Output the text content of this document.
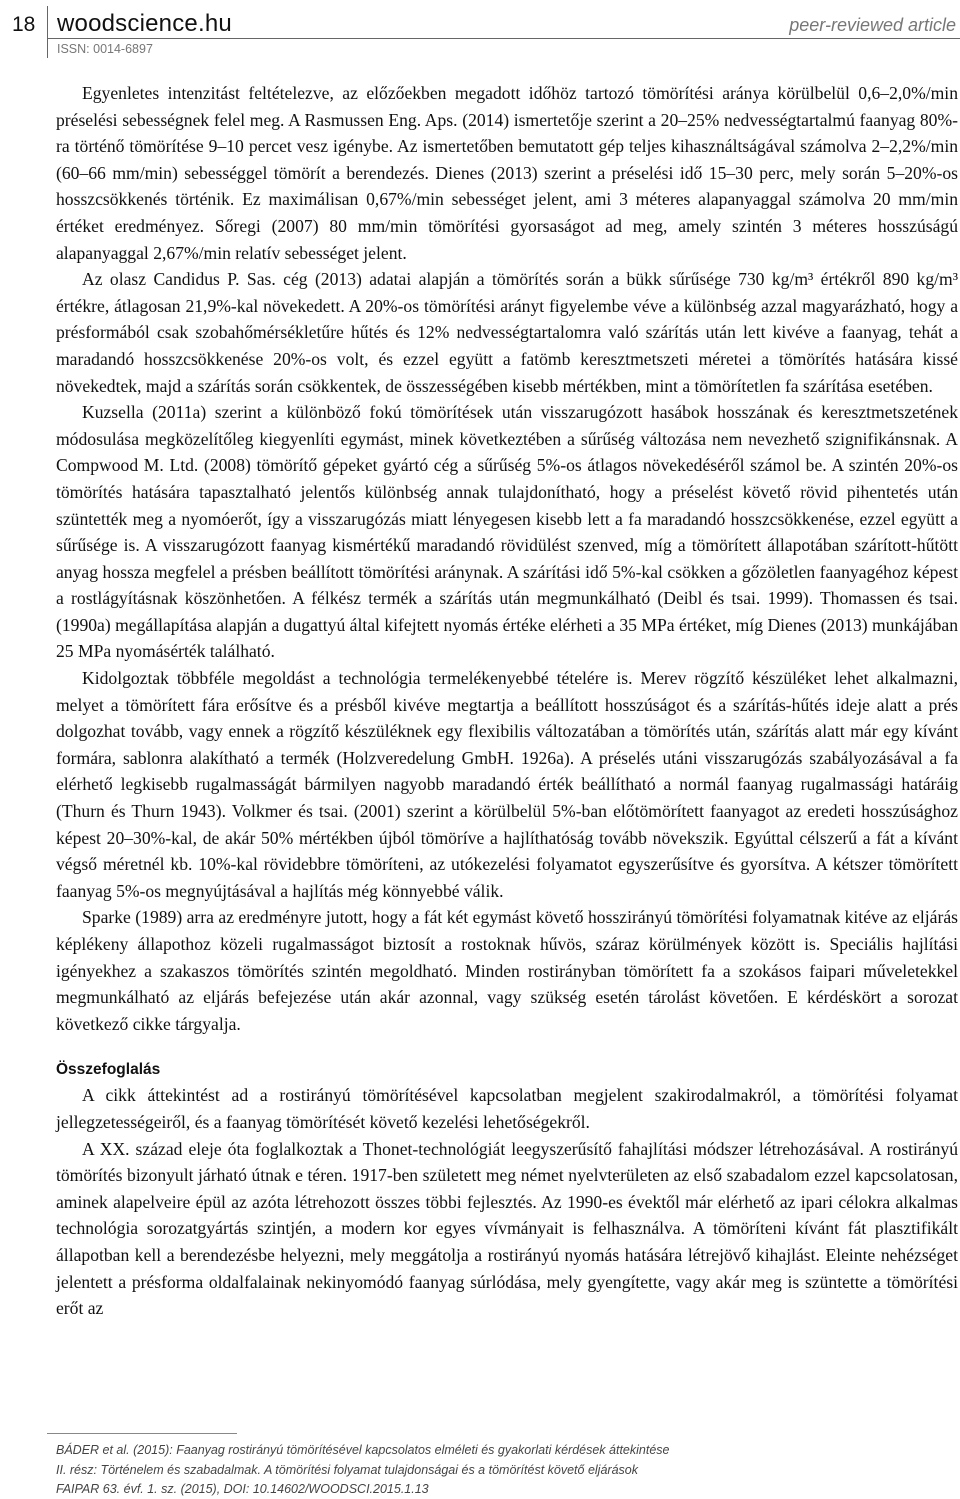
18 woodscience.hu
ISSN: 0014-6897
peer-reviewed article

Egyenletes intenzitást feltételezve, az előzőekben megadott időhöz tartozó tömörítési aránya körülbelül 0,6–2,0%/min préselési sebességnek felel meg. A Rasmussen Eng. Aps. (2014) ismertetője szerint a 20–25% nedvességtartalmú faanyag 80%-ra történő tömörítése 9–10 percet vesz igénybe. Az ismertetőben bemutatott gép teljes kihasználtságával számolva 2–2,2%/min (60–66 mm/min) sebességgel tömörít a berendezés. Dienes (2013) szerint a préselési idő 15–30 perc, mely során 5–20%-os hosszcsökkenés történik. Ez maximálisan 0,67%/min sebességet jelent, ami 3 méteres alapanyaggal számolva 20 mm/min értéket eredményez. Sőregi (2007) 80 mm/min tömörítési gyorsaságot ad meg, amely szintén 3 méteres hosszúságú alapanyaggal 2,67%/min relatív sebességet jelent.

Az olasz Candidus P. Sas. cég (2013) adatai alapján a tömörítés során a bükk sűrűsége 730 kg/m³ értékről 890 kg/m³ értékre, átlagosan 21,9%-kal növekedett. A 20%-os tömörítési arányt figyelembe véve a különbség azzal magyarázható, hogy a présformából csak szobahőmérsékletűre hűtés és 12% nedvességtartalomra való szárítás után lett kivéve a faanyag, tehát a maradandó hosszcsökkenése 20%-os volt, és ezzel együtt a fatömb keresztmetszeti méretei a tömörítés hatására kissé növekedtek, majd a szárítás során csökkentek, de összességében kisebb mértékben, mint a tömörítetlen fa szárítása esetében.

Kuzsella (2011a) szerint a különböző fokú tömörítések után visszarugózott hasábok hosszának és keresztmetszetének módosulása megközelítőleg kiegyenlíti egymást, minek következtében a sűrűség változása nem nevezhető szignifikánsnak. A Compwood M. Ltd. (2008) tömörítő gépeket gyártó cég a sűrűség 5%-os átlagos növekedéséről számol be. A szintén 20%-os tömörítés hatására tapasztalható jelentős különbség annak tulajdonítható, hogy a préselést követő rövid pihentetés után szüntették meg a nyomóerőt, így a visszarugózás miatt lényegesen kisebb lett a fa maradandó hosszcsökkenése, ezzel együtt a sűrűsége is. A visszarugózott faanyag kismértékű maradandó rövidülést szenved, míg a tömörített állapotában szárított-hűtött anyag hossza megfelel a présben beállított tömörítési aránynak. A szárítási idő 5%-kal csökken a gőzöletlen faanyagéhoz képest a rostlágyításnak köszönhetően. A félkész termék a szárítás után megmunkálható (Deibl és tsai. 1999). Thomassen és tsai. (1990a) megállapítása alapján a dugattyú által kifejtett nyomás értéke elérheti a 35 MPa értéket, míg Dienes (2013) munkájában 25 MPa nyomásérték található.

Kidolgoztak többféle megoldást a technológia termelékenyebbé tételére is. Merev rögzítő készüléket lehet alkalmazni, melyet a tömörített fára erősítve és a présből kivéve megtartja a beállított hosszúságot és a szárítás-hűtés ideje alatt a prés dolgozhat tovább, vagy ennek a rögzítő készüléknek egy flexibilis változatában a tömörítés után, szárítás alatt már egy kívánt formára, sablonra alakítható a termék (Holzveredelung GmbH. 1926a). A préselés utáni visszarugózás szabályozásával a fa elérhető legkisebb rugalmasságát bármilyen nagyobb maradandó érték beállítható a normál faanyag rugalmassági határáig (Thurn és Thurn 1943). Volkmer és tsai. (2001) szerint a körülbelül 5%-ban előtömörített faanyagot az eredeti hosszúsághoz képest 20–30%-kal, de akár 50% mértékben újból tömöríve a hajlíthatóság tovább növekszik. Egyúttal célszerű a fát a kívánt végső méretnél kb. 10%-kal rövidebbre tömöríteni, az utókezelési folyamatot egyszerűsítve és gyorsítva. A kétszer tömörített faanyag 5%-os megnyújtásával a hajlítás még könnyebbé válik.

Sparke (1989) arra az eredményre jutott, hogy a fát két egymást követő hosszirányú tömörítési folyamatnak kitéve az eljárás képlékeny állapothoz közeli rugalmasságot biztosít a rostoknak hűvös, száraz körülmények között is. Speciális hajlítási igényekhez a szakaszos tömörítés szintén megoldható. Minden rostirányban tömörített fa a szokásos faipari műveletekkel megmunkálható az eljárás befejezése után akár azonnal, vagy szükség esetén tárolást követően. E kérdéskört a sorozat következő cikke tárgyalja.

Összefoglalás

A cikk áttekintést ad a rostirányú tömörítésével kapcsolatban megjelent szakirodalmakról, a tömörítési folyamat jellegzetességeiről, és a faanyag tömörítését követő kezelési lehetőségekről.

A XX. század eleje óta foglalkoztak a Thonet-technológiát leegyszerűsítő fahajlítási módszer létrehozásával. A rostirányú tömörítés bizonyult járható útnak e téren. 1917-ben született meg német nyelvterületen az első szabadalom ezzel kapcsolatosan, aminek alapelveire épül az azóta létrehozott összes többi fejlesztés. Az 1990-es évektől már elérhető az ipari célokra alkalmas technológia sorozatgyártás szintjén, a modern kor egyes vívmányait is felhasználva. A tömöríteni kívánt fát plasztifikált állapotban kell a berendezésbe helyezni, mely meggátolja a rostirányú nyomás hatására létrejövő kihajlást. Eleinte nehézséget jelentett a présforma oldalfalainak nekinyomódó faanyag súrlódása, mely gyengítette, vagy akár meg is szüntette a tömörítési erőt az

BÁDER et al. (2015): Faanyag rostirányú tömörítésével kapcsolatos elméleti és gyakorlati kérdések áttekintése
II. rész: Történelem és szabadalmak. A tömörítési folyamat tulajdonságai és a tömörítést követő eljárások
FAIPAR 63. évf. 1. sz. (2015), DOI: 10.14602/WOODSCI.2015.1.13
